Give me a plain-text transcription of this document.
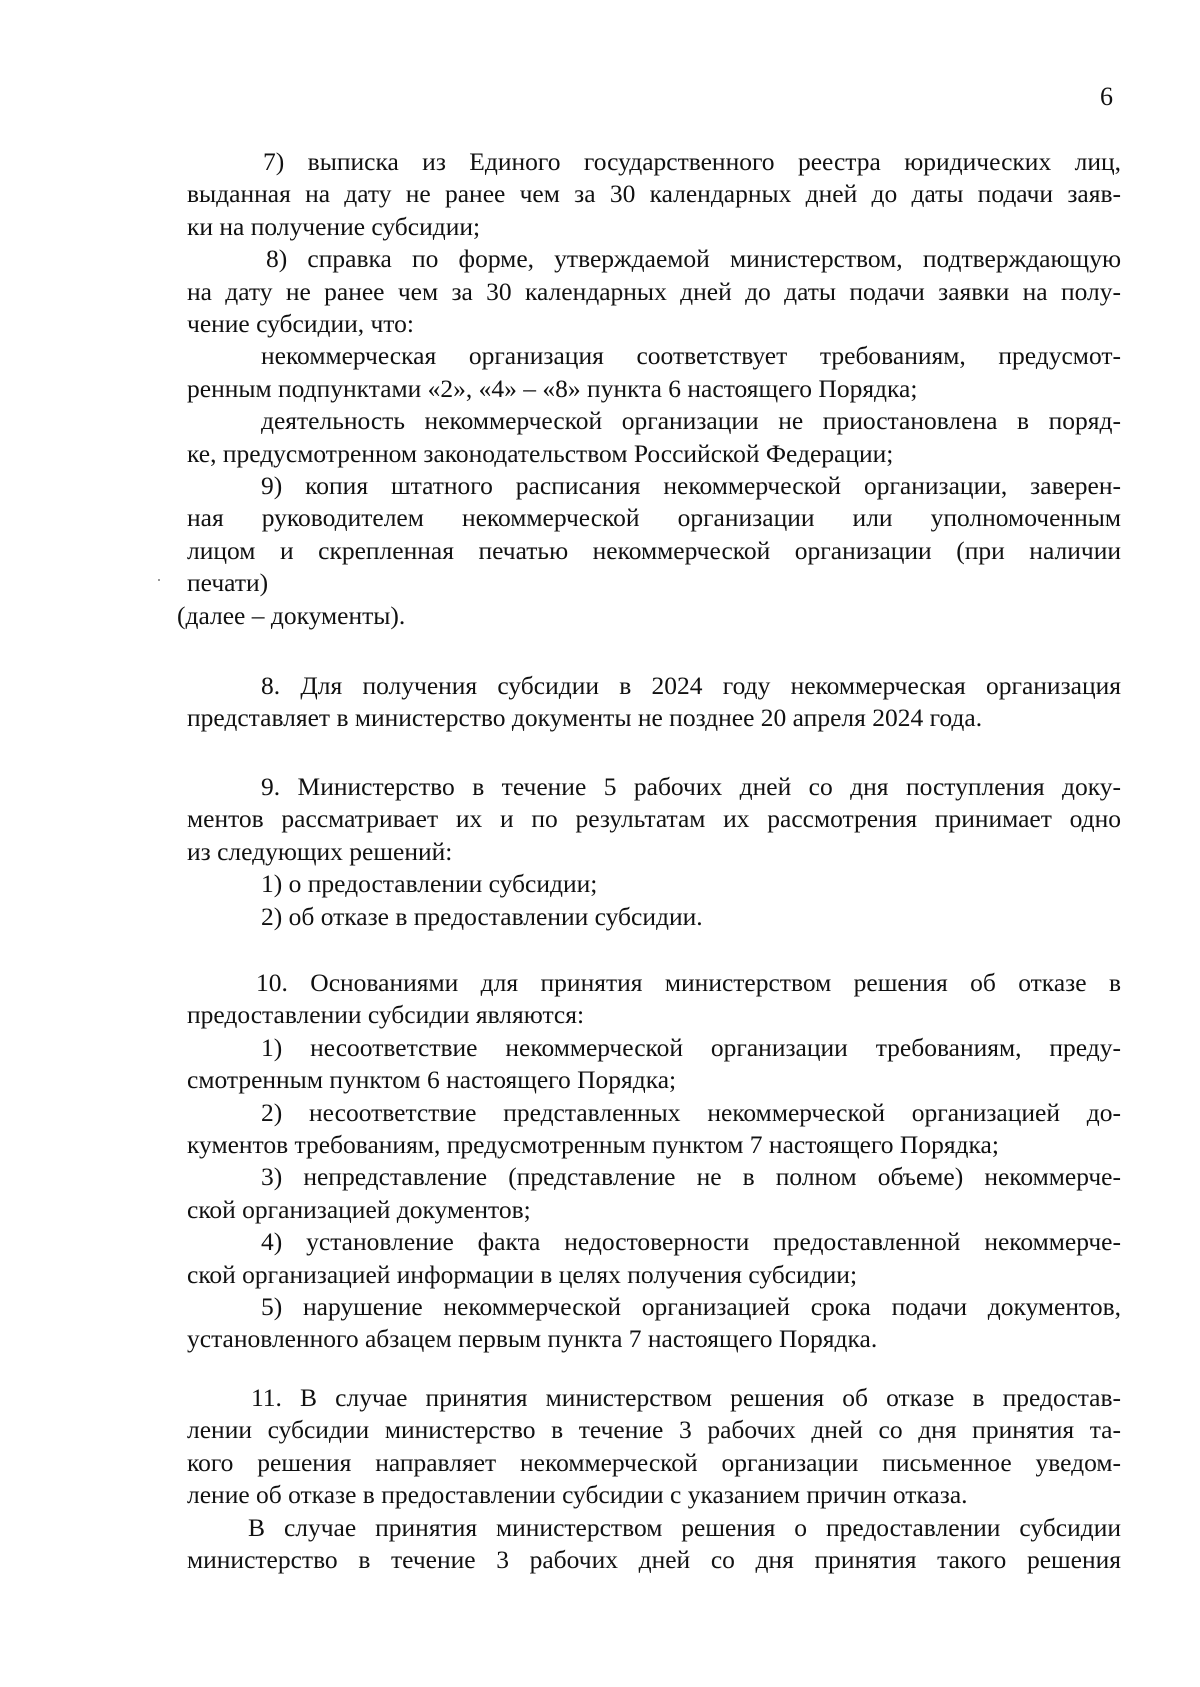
6
7) выписка из Единого государственного реестра юридических лиц,
выданная на дату не ранее чем за 30 календарных дней до даты подачи заяв-
ки на получение субсидии;
8) справка по форме, утверждаемой министерством, подтверждающую
на дату не ранее чем за 30 календарных дней до даты подачи заявки на полу-
чение субсидии, что:
некоммерческая организация соответствует требованиям, предусмот-
ренным подпунктами «2», «4» – «8» пункта 6 настоящего Порядка;
деятельность некоммерческой организации не приостановлена в поряд-
ке, предусмотренном законодательством Российской Федерации;
9) копия штатного расписания некоммерческой организации, заверен-
ная руководителем некоммерческой организации или уполномоченным
лицом и скрепленная печатью некоммерческой организации (при наличии
печати)
(далее – документы).
8. Для получения субсидии в 2024 году некоммерческая организация
представляет в министерство документы не позднее 20 апреля 2024 года.
9. Министерство в течение 5 рабочих дней со дня поступления доку-
ментов рассматривает их и по результатам их рассмотрения принимает одно
из следующих решений:
1) о предоставлении субсидии;
2) об отказе в предоставлении субсидии.
10. Основаниями для принятия министерством решения об отказе в
предоставлении субсидии являются:
1) несоответствие некоммерческой организации требованиям, преду-
смотренным пунктом 6 настоящего Порядка;
2) несоответствие представленных некоммерческой организацией до-
кументов требованиям, предусмотренным пунктом 7 настоящего Порядка;
3) непредставление (представление не в полном объеме) некоммерче-
ской организацией документов;
4) установление факта недостоверности предоставленной некоммерче-
ской организацией информации в целях получения субсидии;
5) нарушение некоммерческой организацией срока подачи документов,
установленного абзацем первым пункта 7 настоящего Порядка.
11. В случае принятия министерством решения об отказе в предостав-
лении субсидии министерство в течение 3 рабочих дней со дня принятия та-
кого решения направляет некоммерческой организации письменное уведом-
ление об отказе в предоставлении субсидии с указанием причин отказа.
В случае принятия министерством решения о предоставлении субсидии
министерство в течение 3 рабочих дней со дня принятия такого решения
